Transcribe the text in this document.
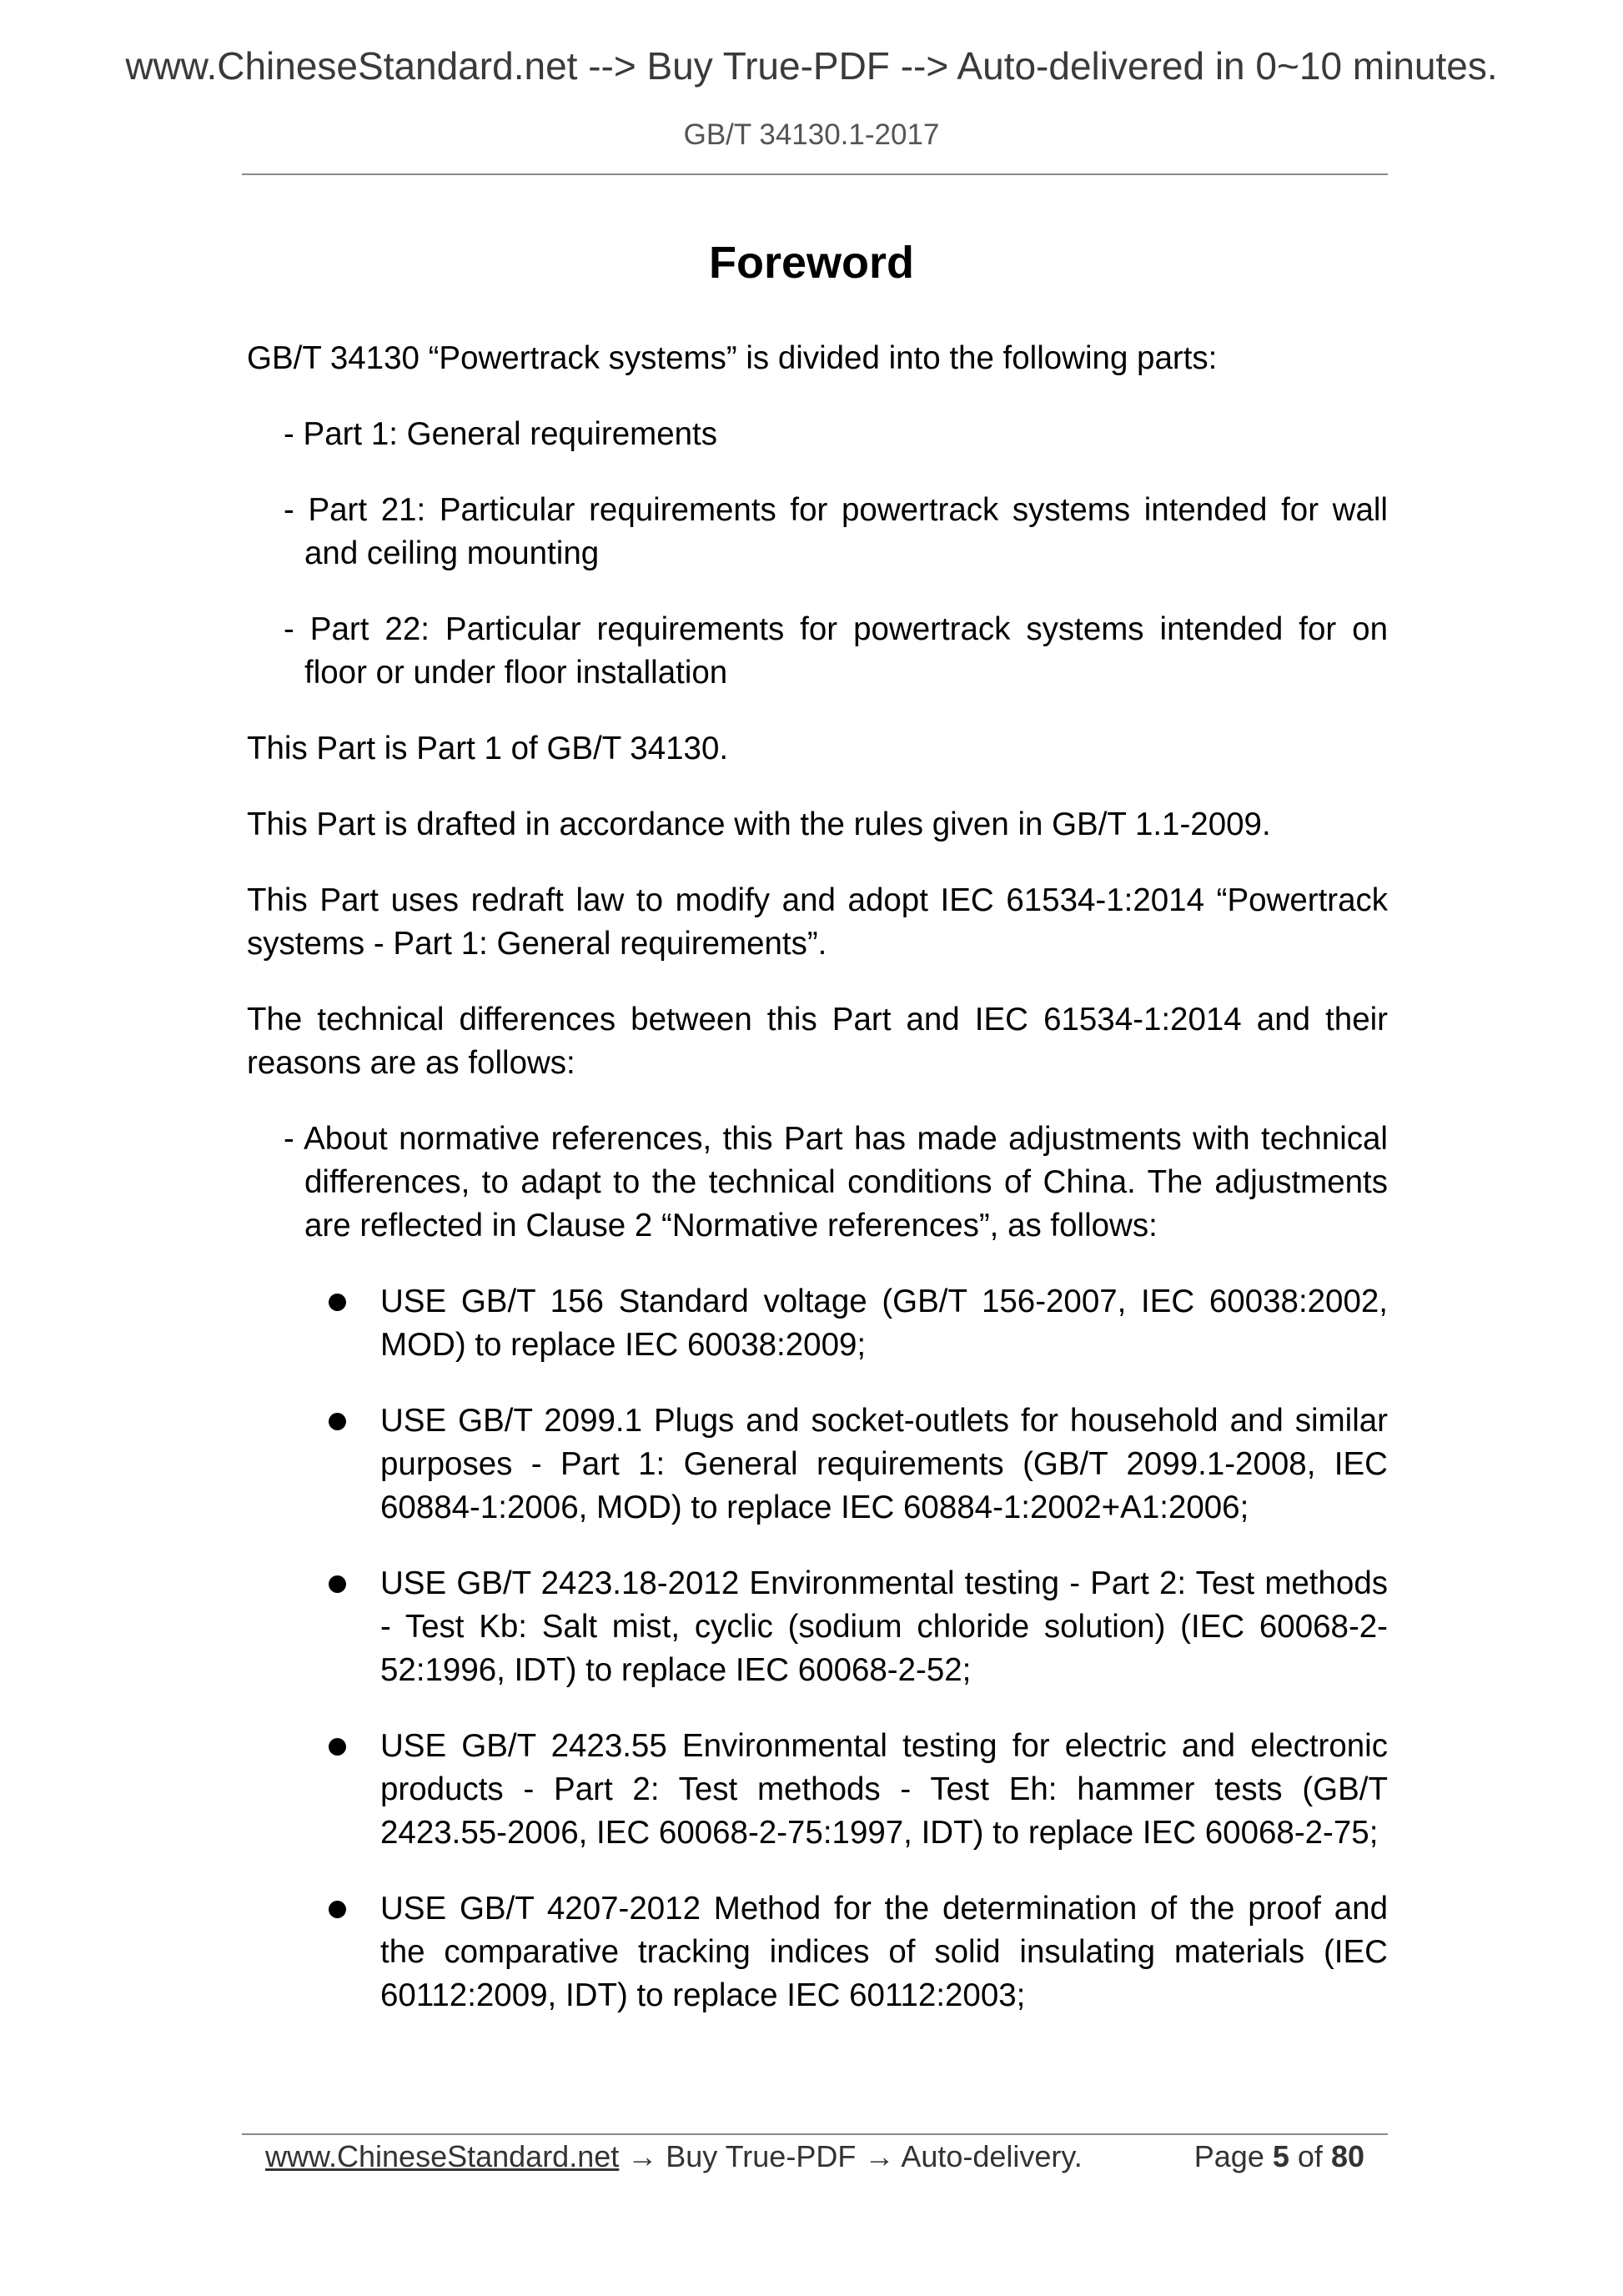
www.ChineseStandard.net --> Buy True-PDF --> Auto-delivered in 0~10 minutes.
GB/T 34130.1-2017
Foreword

GB/T 34130 “Powertrack systems” is divided into the following parts:

- Part 1: General requirements

- Part 21: Particular requirements for powertrack systems intended for wall and ceiling mounting

- Part 22: Particular requirements for powertrack systems intended for on floor or under floor installation

This Part is Part 1 of GB/T 34130.

This Part is drafted in accordance with the rules given in GB/T 1.1-2009.

This Part uses redraft law to modify and adopt IEC 61534-1:2014 “Powertrack systems - Part 1: General requirements”.

The technical differences between this Part and IEC 61534-1:2014 and their reasons are as follows:

- About normative references, this Part has made adjustments with technical differences, to adapt to the technical conditions of China. The adjustments are reflected in Clause 2 “Normative references”, as follows:

USE GB/T 156 Standard voltage (GB/T 156-2007, IEC 60038:2002, MOD) to replace IEC 60038:2009;
USE GB/T 2099.1 Plugs and socket-outlets for household and similar purposes - Part 1: General requirements (GB/T 2099.1-2008, IEC 60884-1:2006, MOD) to replace IEC 60884-1:2002+A1:2006;
USE GB/T 2423.18-2012 Environmental testing - Part 2: Test methods - Test Kb: Salt mist, cyclic (sodium chloride solution) (IEC 60068-2-52:1996, IDT) to replace IEC 60068-2-52;
USE GB/T 2423.55 Environmental testing for electric and electronic products - Part 2: Test methods - Test Eh: hammer tests (GB/T 2423.55-2006, IEC 60068-2-75:1997, IDT) to replace IEC 60068-2-75;
USE GB/T 4207-2012 Method for the determination of the proof and the comparative tracking indices of solid insulating materials (IEC 60112:2009, IDT) to replace IEC 60112:2003;
www.ChineseStandard.net → Buy True-PDF → Auto-delivery.	Page 5 of 80
